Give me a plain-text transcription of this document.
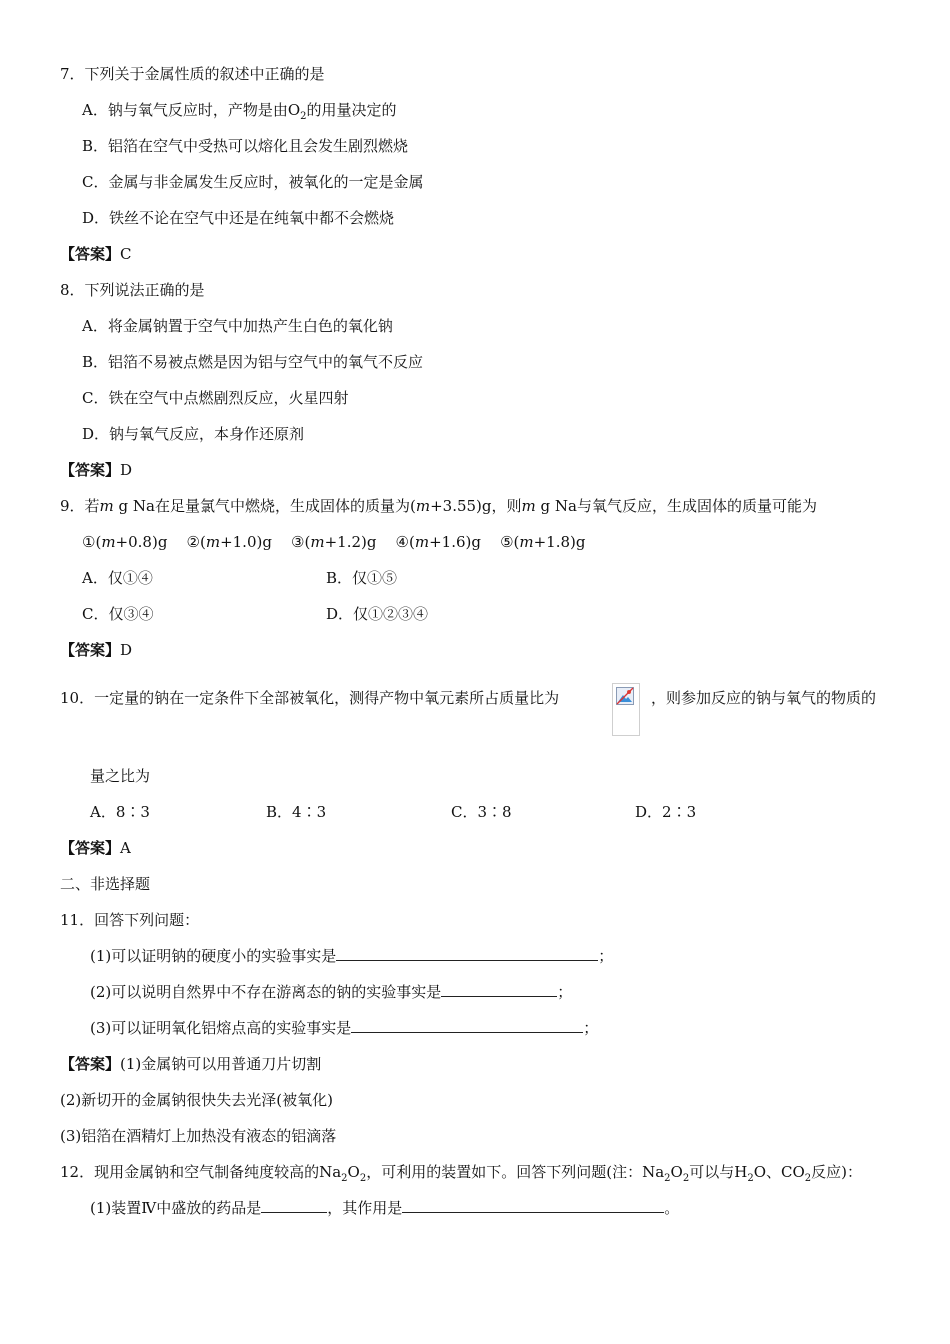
7．下列关于金属性质的叙述中正确的是
A．钠与氧气反应时，产物是由$O_2$的用量决定的
B．铝箔在空气中受热可以熔化且会发生剧烈燃烧
C．金属与非金属发生反应时，被氧化的一定是金属
D．铁丝不论在空气中还是在纯氧中都不会燃烧
【答案】C
8．下列说法正确的是
A．将金属钠置于空气中加热产生白色的氧化钠
B．铝箔不易被点燃是因为铝与空气中的氧气不反应
C．铁在空气中点燃剧烈反应，火星四射
D．钠与氧气反应，本身作还原剂
【答案】D
9．若m g Na在足量氯气中燃烧，生成固体的质量为(m+3.55)g，则m g Na与氧气反应，生成固体的质量可能为
①(m+0.8)g ②(m+1.0)g ③(m+1.2)g ④(m+1.6)g ⑤(m+1.8)g
A．仅①④	B．仅①⑤
C．仅③④	D．仅①②③④
【答案】D
10．一定量的钠在一定条件下全部被氧化，测得产物中氧元素所占质量比为	，则参加反应的钠与氧气的物质的
量之比为
A．8∶3	B．4∶3	C．3∶8	D．2∶3
【答案】A
二、非选择题
11．回答下列问题：
(1)可以证明钠的硬度小的实验事实是	；
(2)可以说明自然界中不存在游离态的钠的实验事实是	；
(3)可以证明氧化铝熔点高的实验事实是	；
【答案】(1)金属钠可以用普通刀片切割
(2)新切开的金属钠很快失去光泽(被氧化)
(3)铝箔在酒精灯上加热没有液态的铝滴落
12．现用金属钠和空气制备纯度较高的$Na_2O_2$，可利用的装置如下。回答下列问题(注：$Na_2O_2$可以与$H_2O$、$CO_2$反应)：
(1)装置Ⅳ中盛放的药品是	，其作用是	。
